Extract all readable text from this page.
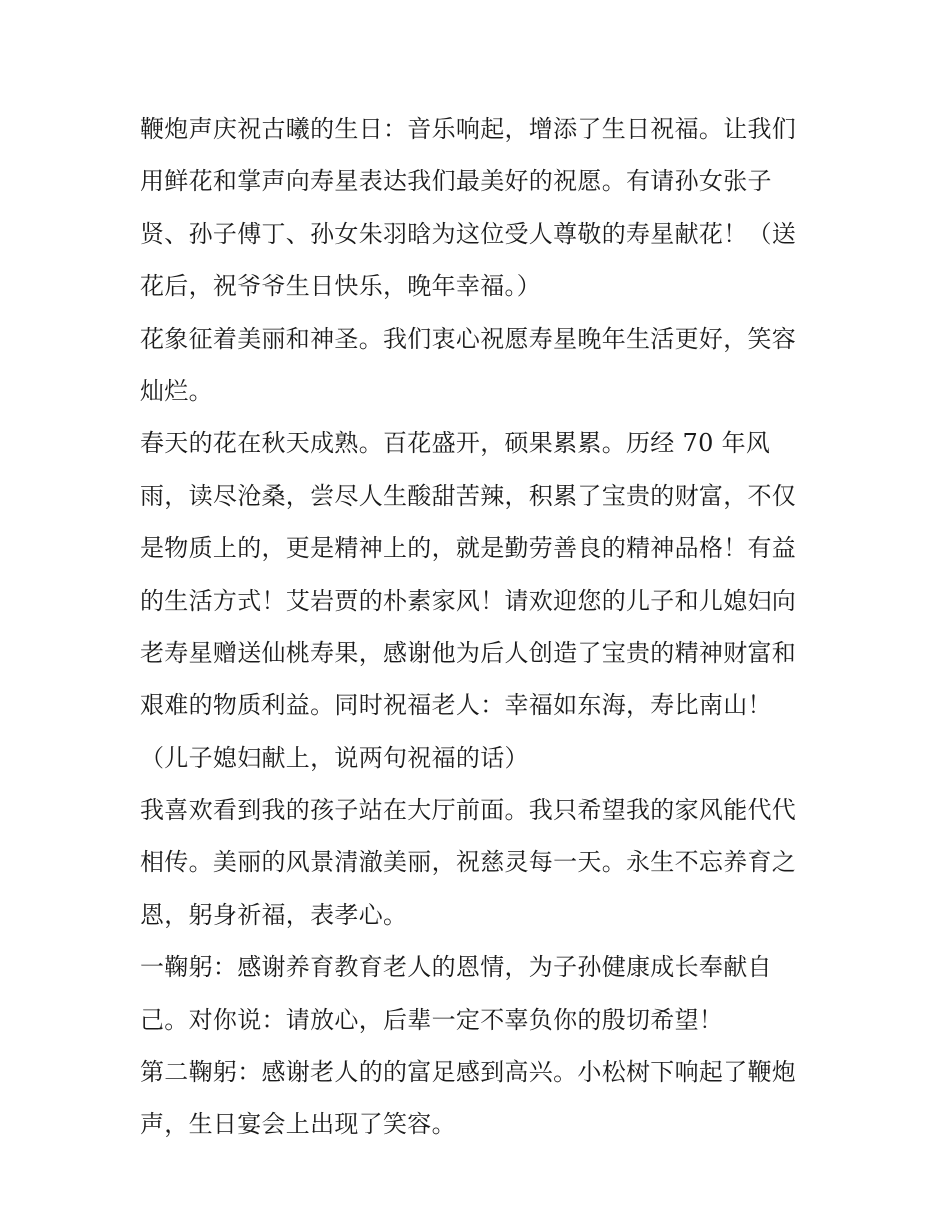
鞭炮声庆祝古曦的生日：音乐响起，增添了生日祝福。让我们
用鲜花和掌声向寿星表达我们最美好的祝愿。有请孙女张子
贤、孙子傅丁、孙女朱羽晗为这位受人尊敬的寿星献花！（送
花后，祝爷爷生日快乐，晚年幸福。）
花象征着美丽和神圣。我们衷心祝愿寿星晚年生活更好，笑容
灿烂。
春天的花在秋天成熟。百花盛开，硕果累累。历经 70 年风
雨，读尽沧桑，尝尽人生酸甜苦辣，积累了宝贵的财富，不仅
是物质上的，更是精神上的，就是勤劳善良的精神品格！有益
的生活方式！艾岩贾的朴素家风！请欢迎您的儿子和儿媳妇向
老寿星赠送仙桃寿果，感谢他为后人创造了宝贵的精神财富和
艰难的物质利益。同时祝福老人：幸福如东海，寿比南山！
（儿子媳妇献上，说两句祝福的话）
我喜欢看到我的孩子站在大厅前面。我只希望我的家风能代代
相传。美丽的风景清澈美丽，祝慈灵每一天。永生不忘养育之
恩，躬身祈福，表孝心。
一鞠躬：感谢养育教育老人的恩情，为子孙健康成长奉献自
己。对你说：请放心，后辈一定不辜负你的殷切希望！
第二鞠躬：感谢老人的的富足感到高兴。小松树下响起了鞭炮
声，生日宴会上出现了笑容。
